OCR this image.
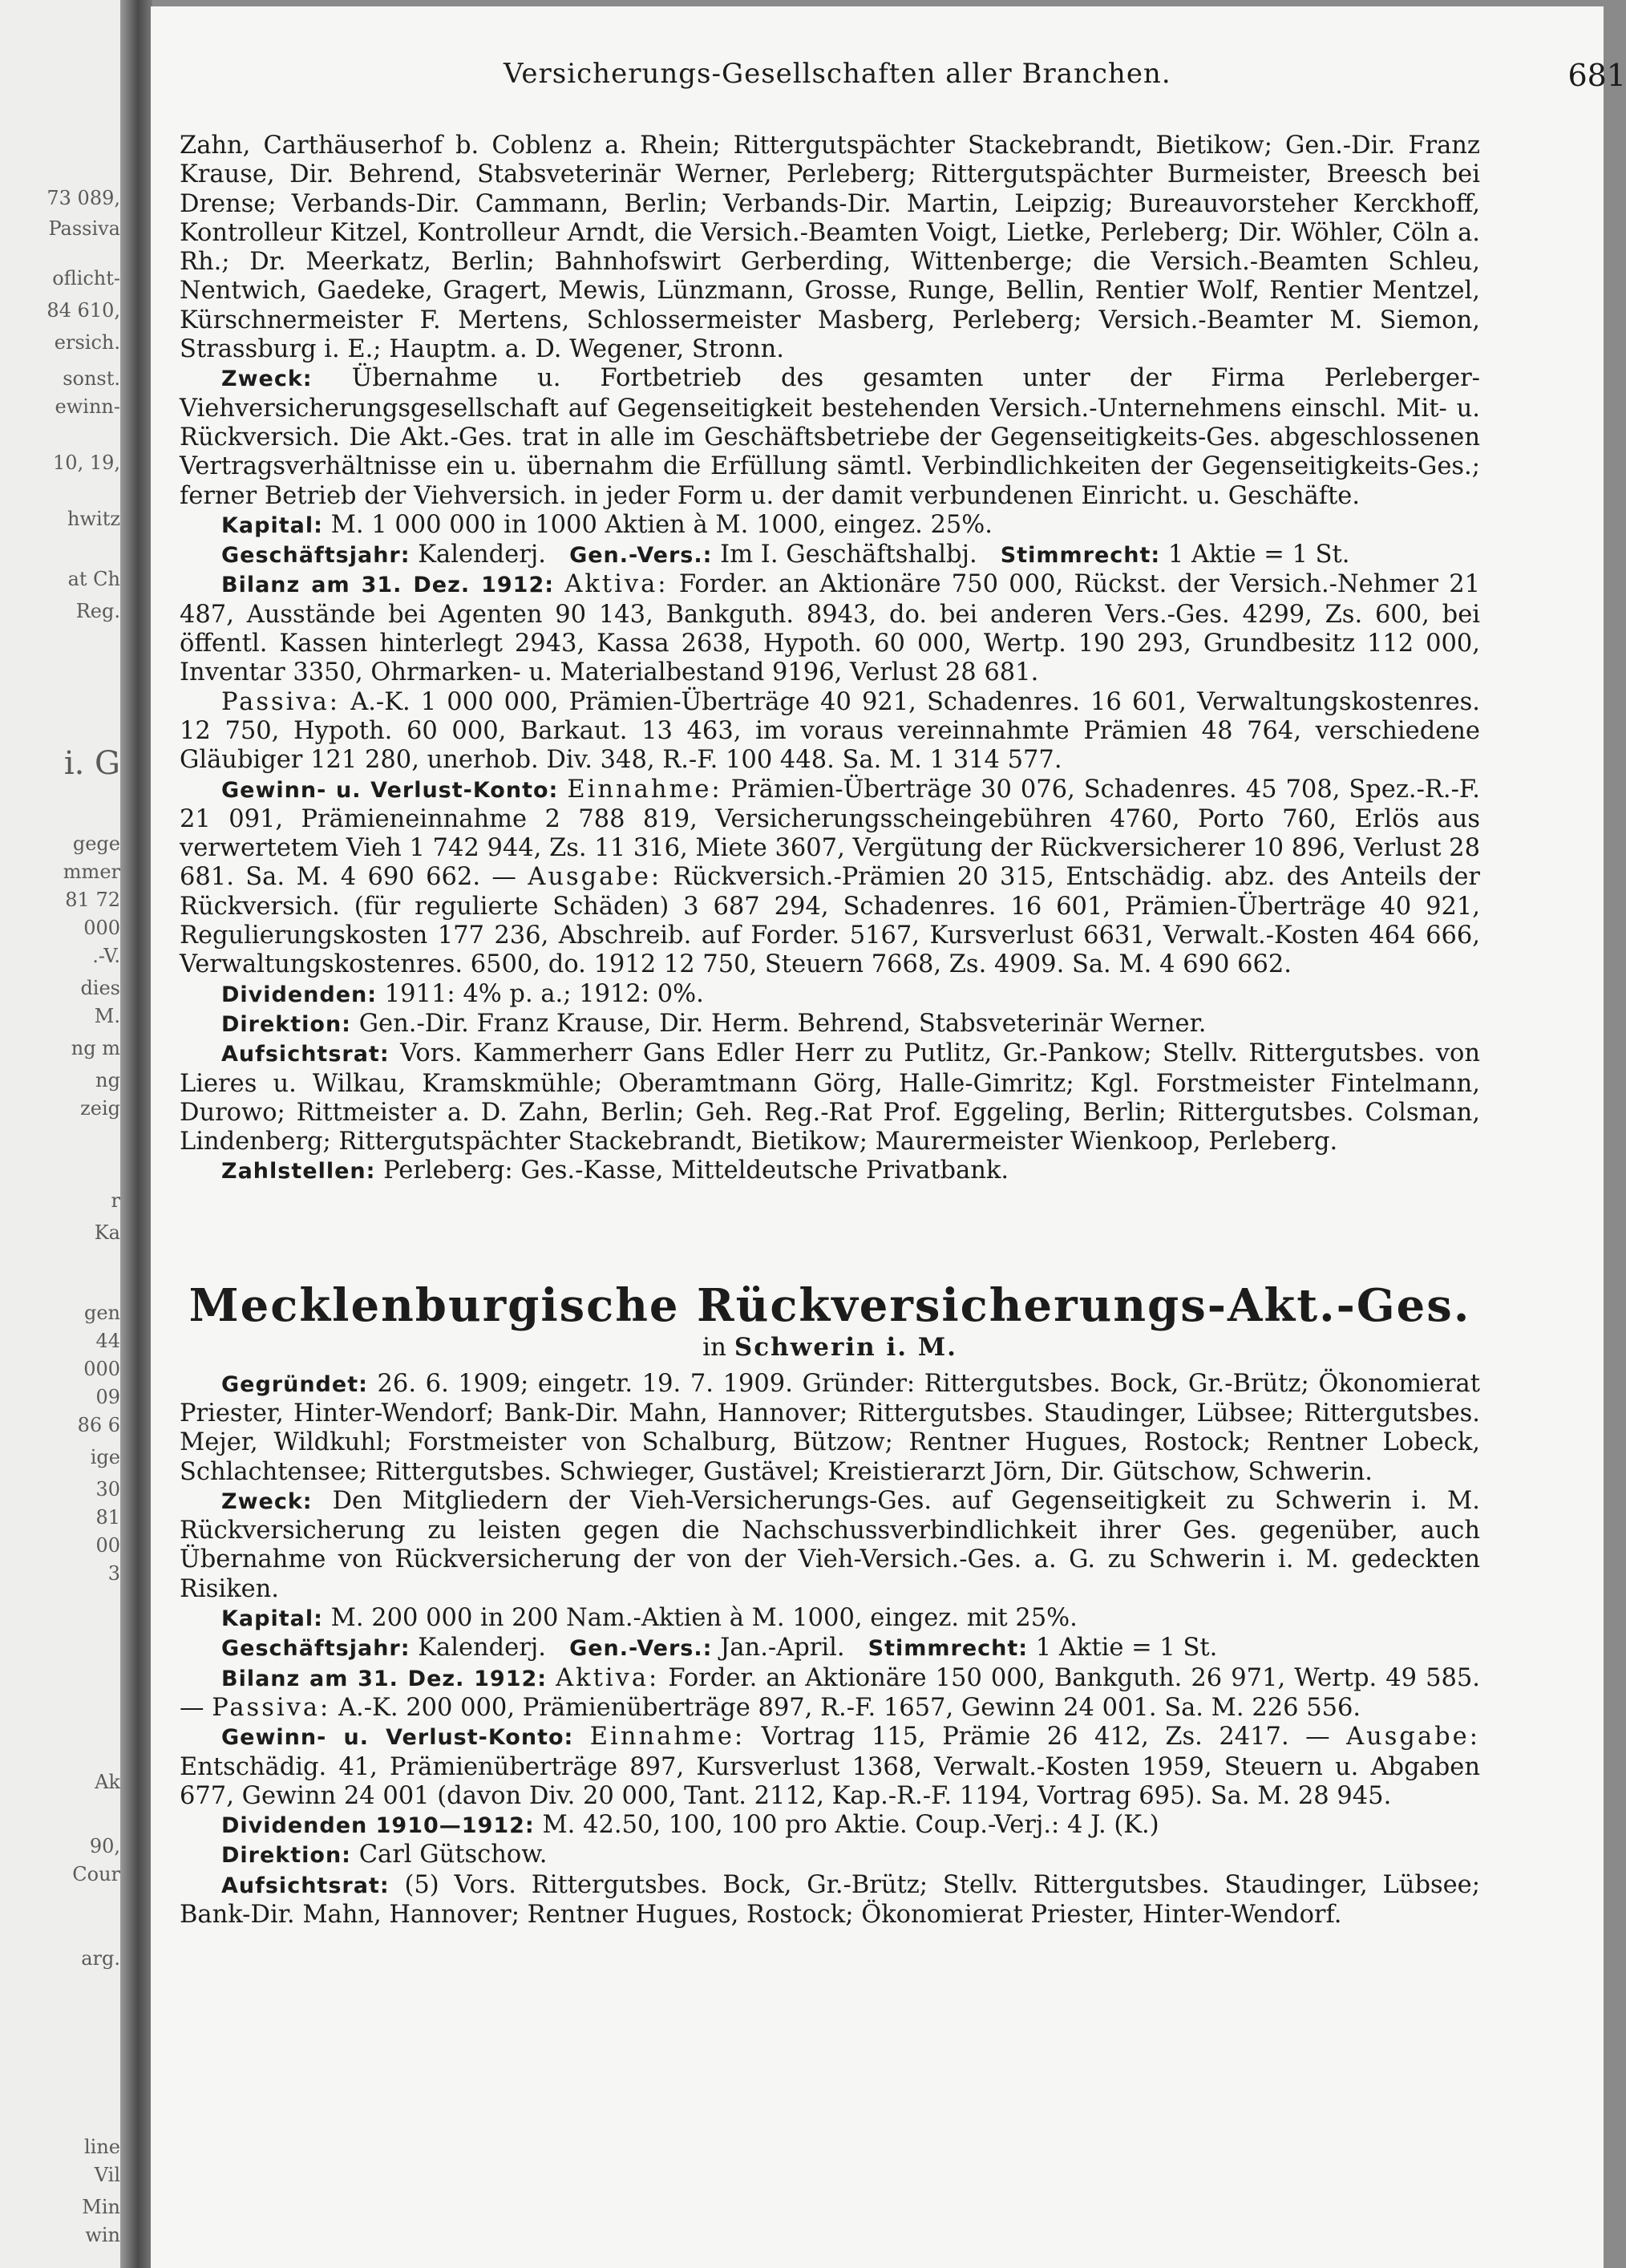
73 089,
Passiva
oflicht-
84 610,
ersich.
sonst.
ewinn-
10, 19,
hwitz
at Ch
Reg.
i. G
gege
mmer
81 72
000
.-V.
dies
M.
ng m
ng
zeig
r
Ka
gen
44
000
09
86 6
ige
30
81
00
3
Ak
90,
Cour
arg.
line
Vil
Min
win
Versicherungs-Gesellschaften aller Branchen.	681

Zahn, Carthäuserhof b. Coblenz a. Rhein; Rittergutspächter Stackebrandt, Bietikow; Gen.-Dir. Franz Krause, Dir. Behrend, Stabsveterinär Werner, Perleberg; Rittergutspächter Burmeister, Breesch bei Drense; Verbands-Dir. Cammann, Berlin; Verbands-Dir. Martin, Leipzig; Bureauvorsteher Kerckhoff, Kontrolleur Kitzel, Kontrolleur Arndt, die Versich.-Beamten Voigt, Lietke, Perleberg; Dir. Wöhler, Cöln a. Rh.; Dr. Meerkatz, Berlin; Bahnhofswirt Gerberding, Wittenberge; die Versich.-Beamten Schleu, Nentwich, Gaedeke, Gragert, Mewis, Lünzmann, Grosse, Runge, Bellin, Rentier Wolf, Rentier Mentzel, Kürschnermeister F. Mertens, Schlossermeister Masberg, Perleberg; Versich.-Beamter M. Siemon, Strassburg i. E.; Hauptm. a. D. Wegener, Stronn.

Zweck: Übernahme u. Fortbetrieb des gesamten unter der Firma Perleberger-Viehversicherungsgesellschaft auf Gegenseitigkeit bestehenden Versich.-Unternehmens einschl. Mit- u. Rückversich. Die Akt.-Ges. trat in alle im Geschäftsbetriebe der Gegenseitigkeits-Ges. abgeschlossenen Vertragsverhältnisse ein u. übernahm die Erfüllung sämtl. Verbindlichkeiten der Gegenseitigkeits-Ges.; ferner Betrieb der Viehversich. in jeder Form u. der damit verbundenen Einricht. u. Geschäfte.

Kapital: M. 1 000 000 in 1000 Aktien à M. 1000, eingez. 25%.

Geschäftsjahr: Kalenderj. Gen.-Vers.: Im I. Geschäftshalbj. Stimmrecht: 1 Aktie = 1 St.

Bilanz am 31. Dez. 1912: Aktiva: Forder. an Aktionäre 750 000, Rückst. der Versich.-Nehmer 21 487, Ausstände bei Agenten 90 143, Bankguth. 8943, do. bei anderen Vers.-Ges. 4299, Zs. 600, bei öffentl. Kassen hinterlegt 2943, Kassa 2638, Hypoth. 60 000, Wertp. 190 293, Grundbesitz 112 000, Inventar 3350, Ohrmarken- u. Materialbestand 9196, Verlust 28 681.

Passiva: A.-K. 1 000 000, Prämien-Überträge 40 921, Schadenres. 16 601, Verwaltungskostenres. 12 750, Hypoth. 60 000, Barkaut. 13 463, im voraus vereinnahmte Prämien 48 764, verschiedene Gläubiger 121 280, unerhob. Div. 348, R.-F. 100 448. Sa. M. 1 314 577.

Gewinn- u. Verlust-Konto: Einnahme: Prämien-Überträge 30 076, Schadenres. 45 708, Spez.-R.-F. 21 091, Prämieneinnahme 2 788 819, Versicherungsscheingebühren 4760, Porto 760, Erlös aus verwertetem Vieh 1 742 944, Zs. 11 316, Miete 3607, Vergütung der Rückversicherer 10 896, Verlust 28 681. Sa. M. 4 690 662. — Ausgabe: Rückversich.-Prämien 20 315, Entschädig. abz. des Anteils der Rückversich. (für regulierte Schäden) 3 687 294, Schadenres. 16 601, Prämien-Überträge 40 921, Regulierungskosten 177 236, Abschreib. auf Forder. 5167, Kursverlust 6631, Verwalt.-Kosten 464 666, Verwaltungskostenres. 6500, do. 1912 12 750, Steuern 7668, Zs. 4909. Sa. M. 4 690 662.

Dividenden: 1911: 4% p. a.; 1912: 0%.

Direktion: Gen.-Dir. Franz Krause, Dir. Herm. Behrend, Stabsveterinär Werner.

Aufsichtsrat: Vors. Kammerherr Gans Edler Herr zu Putlitz, Gr.-Pankow; Stellv. Rittergutsbes. von Lieres u. Wilkau, Kramskmühle; Oberamtmann Görg, Halle-Gimritz; Kgl. Forstmeister Fintelmann, Durowo; Rittmeister a. D. Zahn, Berlin; Geh. Reg.-Rat Prof. Eggeling, Berlin; Rittergutsbes. Colsman, Lindenberg; Rittergutspächter Stackebrandt, Bietikow; Maurermeister Wienkoop, Perleberg.

Zahlstellen: Perleberg: Ges.-Kasse, Mitteldeutsche Privatbank.

Mecklenburgische Rückversicherungs-Akt.-Ges.
in Schwerin i. M.

Gegründet: 26. 6. 1909; eingetr. 19. 7. 1909. Gründer: Rittergutsbes. Bock, Gr.-Brütz; Ökonomierat Priester, Hinter-Wendorf; Bank-Dir. Mahn, Hannover; Rittergutsbes. Staudinger, Lübsee; Rittergutsbes. Mejer, Wildkuhl; Forstmeister von Schalburg, Bützow; Rentner Hugues, Rostock; Rentner Lobeck, Schlachtensee; Rittergutsbes. Schwieger, Gustävel; Kreistierarzt Jörn, Dir. Gütschow, Schwerin.

Zweck: Den Mitgliedern der Vieh-Versicherungs-Ges. auf Gegenseitigkeit zu Schwerin i. M. Rückversicherung zu leisten gegen die Nachschussverbindlichkeit ihrer Ges. gegenüber, auch Übernahme von Rückversicherung der von der Vieh-Versich.-Ges. a. G. zu Schwerin i. M. gedeckten Risiken.

Kapital: M. 200 000 in 200 Nam.-Aktien à M. 1000, eingez. mit 25%.

Geschäftsjahr: Kalenderj. Gen.-Vers.: Jan.-April. Stimmrecht: 1 Aktie = 1 St.

Bilanz am 31. Dez. 1912: Aktiva: Forder. an Aktionäre 150 000, Bankguth. 26 971, Wertp. 49 585. — Passiva: A.-K. 200 000, Prämienüberträge 897, R.-F. 1657, Gewinn 24 001. Sa. M. 226 556.

Gewinn- u. Verlust-Konto: Einnahme: Vortrag 115, Prämie 26 412, Zs. 2417. — Ausgabe: Entschädig. 41, Prämienüberträge 897, Kursverlust 1368, Verwalt.-Kosten 1959, Steuern u. Abgaben 677, Gewinn 24 001 (davon Div. 20 000, Tant. 2112, Kap.-R.-F. 1194, Vortrag 695). Sa. M. 28 945.

Dividenden 1910—1912: M. 42.50, 100, 100 pro Aktie. Coup.-Verj.: 4 J. (K.)

Direktion: Carl Gütschow.

Aufsichtsrat: (5) Vors. Rittergutsbes. Bock, Gr.-Brütz; Stellv. Rittergutsbes. Staudinger, Lübsee; Bank-Dir. Mahn, Hannover; Rentner Hugues, Rostock; Ökonomierat Priester, Hinter-Wendorf.
